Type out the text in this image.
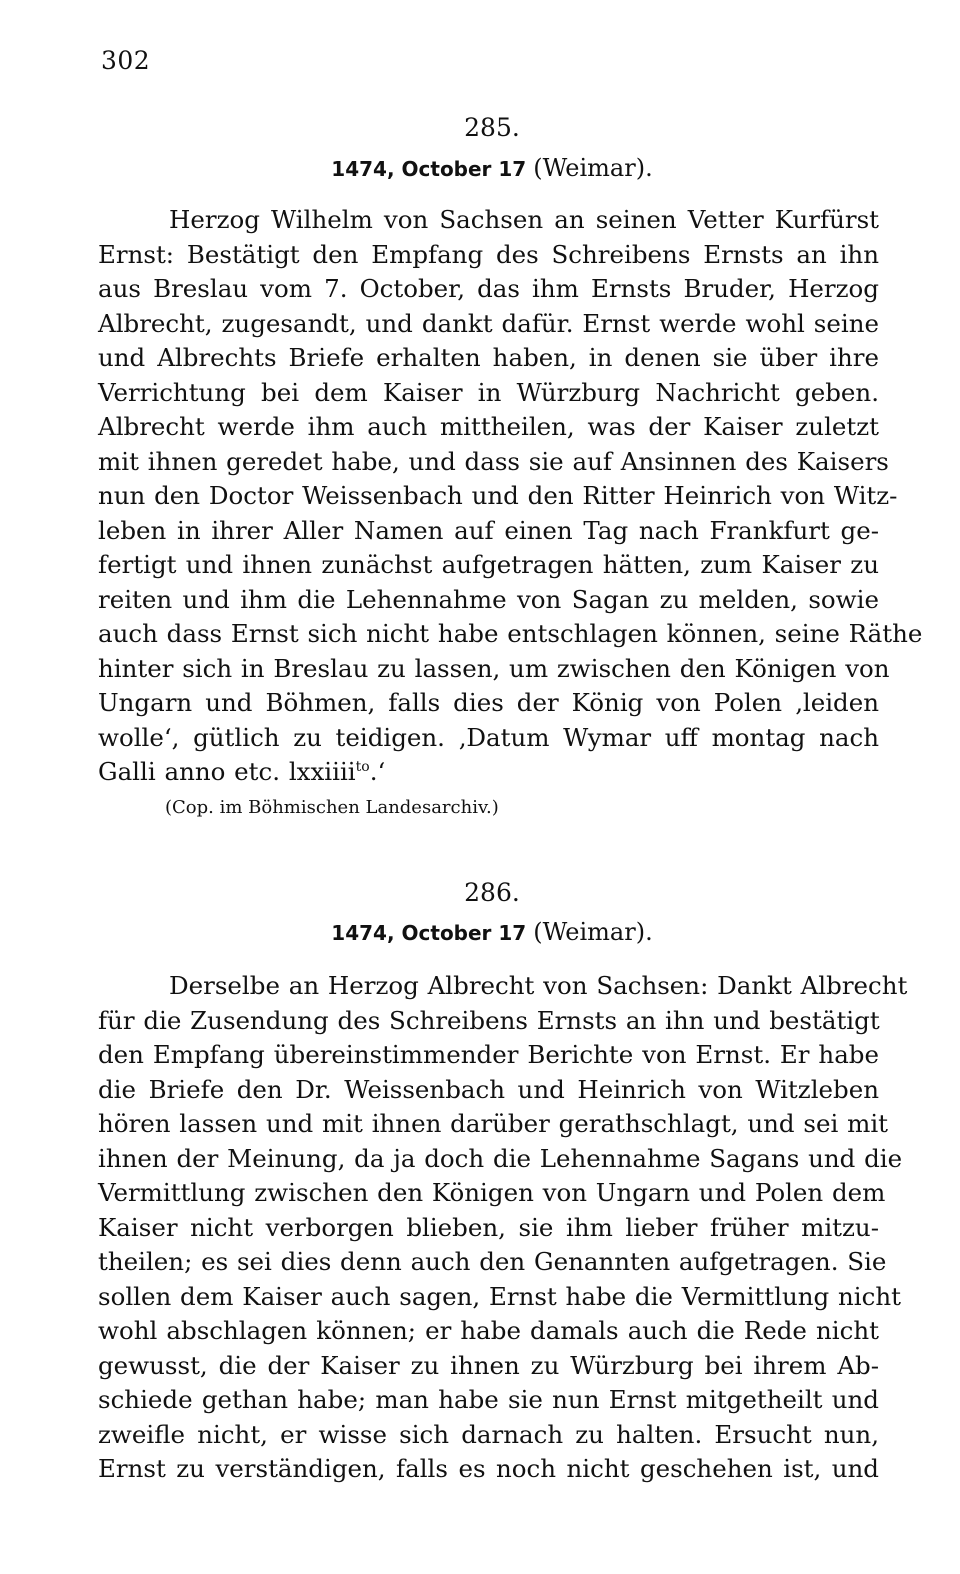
302
285.
1474, October 17 (Weimar).
Herzog Wilhelm von Sachsen an seinen Vetter Kurfürst
Ernst: Bestätigt den Empfang des Schreibens Ernsts an ihn
aus Breslau vom 7. October, das ihm Ernsts Bruder, Herzog
Albrecht, zugesandt, und dankt dafür. Ernst werde wohl seine
und Albrechts Briefe erhalten haben, in denen sie über ihre
Verrichtung bei dem Kaiser in Würzburg Nachricht geben.
Albrecht werde ihm auch mittheilen, was der Kaiser zuletzt
mit ihnen geredet habe, und dass sie auf Ansinnen des Kaisers
nun den Doctor Weissenbach und den Ritter Heinrich von Witz-
leben in ihrer Aller Namen auf einen Tag nach Frankfurt ge-
fertigt und ihnen zunächst aufgetragen hätten, zum Kaiser zu
reiten und ihm die Lehennahme von Sagan zu melden, sowie
auch dass Ernst sich nicht habe entschlagen können, seine Räthe
hinter sich in Breslau zu lassen, um zwischen den Königen von
Ungarn und Böhmen, falls dies der König von Polen ‚leiden
wolle‘, gütlich zu teidigen. ‚Datum Wymar uff montag nach
Galli anno etc. lxxiiii$^{to}$.‘
(Cop. im Böhmischen Landesarchiv.)
286.
1474, October 17 (Weimar).
Derselbe an Herzog Albrecht von Sachsen: Dankt Albrecht
für die Zusendung des Schreibens Ernsts an ihn und bestätigt
den Empfang übereinstimmender Berichte von Ernst. Er habe
die Briefe den Dr. Weissenbach und Heinrich von Witzleben
hören lassen und mit ihnen darüber gerathschlagt, und sei mit
ihnen der Meinung, da ja doch die Lehennahme Sagans und die
Vermittlung zwischen den Königen von Ungarn und Polen dem
Kaiser nicht verborgen blieben, sie ihm lieber früher mitzu-
theilen; es sei dies denn auch den Genannten aufgetragen. Sie
sollen dem Kaiser auch sagen, Ernst habe die Vermittlung nicht
wohl abschlagen können; er habe damals auch die Rede nicht
gewusst, die der Kaiser zu ihnen zu Würzburg bei ihrem Ab-
schiede gethan habe; man habe sie nun Ernst mitgetheilt und
zweifle nicht, er wisse sich darnach zu halten. Ersucht nun,
Ernst zu verständigen, falls es noch nicht geschehen ist, und
